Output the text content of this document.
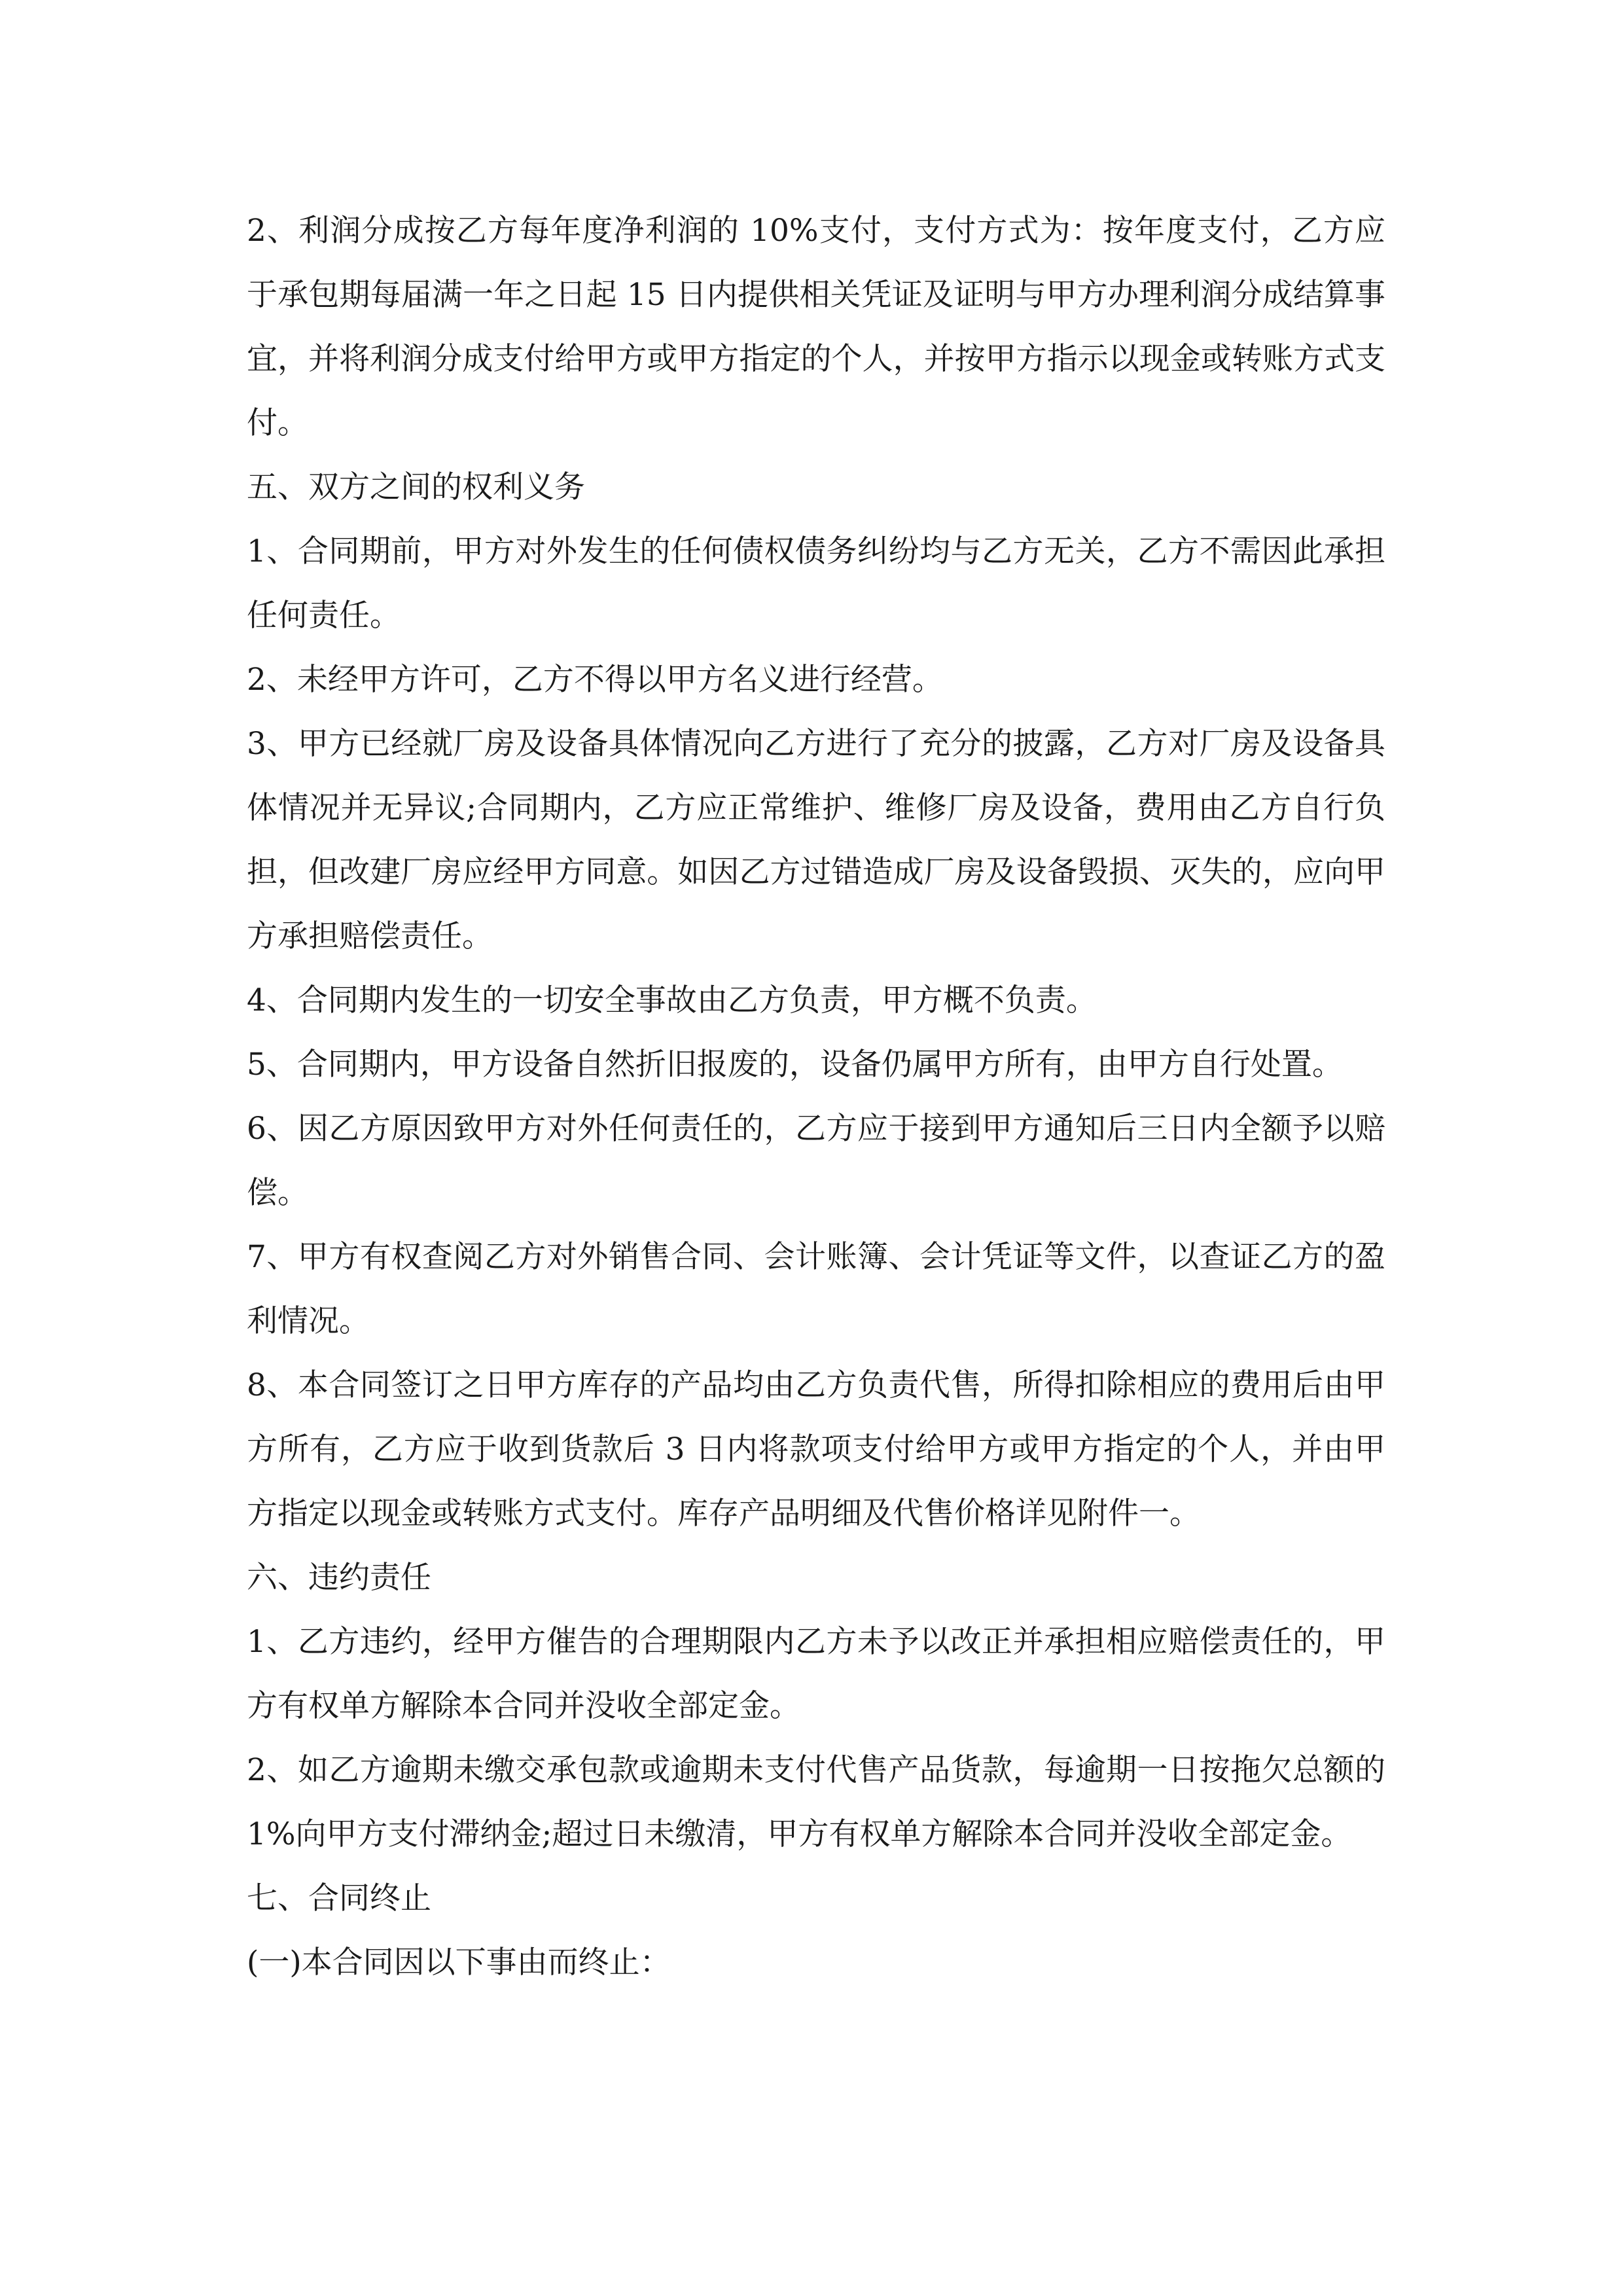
2、利润分成按乙方每年度净利润的 10%支付，支付方式为：按年度支付，乙方应于承包期每届满一年之日起 15 日内提供相关凭证及证明与甲方办理利润分成结算事宜，并将利润分成支付给甲方或甲方指定的个人，并按甲方指示以现金或转账方式支付。

五、双方之间的权利义务

1、合同期前，甲方对外发生的任何债权债务纠纷均与乙方无关，乙方不需因此承担任何责任。

2、未经甲方许可，乙方不得以甲方名义进行经营。

3、甲方已经就厂房及设备具体情况向乙方进行了充分的披露，乙方对厂房及设备具体情况并无异议;合同期内，乙方应正常维护、维修厂房及设备，费用由乙方自行负担，但改建厂房应经甲方同意。如因乙方过错造成厂房及设备毁损、灭失的，应向甲方承担赔偿责任。

4、合同期内发生的一切安全事故由乙方负责，甲方概不负责。

5、合同期内，甲方设备自然折旧报废的，设备仍属甲方所有，由甲方自行处置。

6、因乙方原因致甲方对外任何责任的，乙方应于接到甲方通知后三日内全额予以赔偿。

7、甲方有权查阅乙方对外销售合同、会计账簿、会计凭证等文件，以查证乙方的盈利情况。

8、本合同签订之日甲方库存的产品均由乙方负责代售，所得扣除相应的费用后由甲方所有，乙方应于收到货款后 3 日内将款项支付给甲方或甲方指定的个人，并由甲方指定以现金或转账方式支付。库存产品明细及代售价格详见附件一。

六、违约责任

1、乙方违约，经甲方催告的合理期限内乙方未予以改正并承担相应赔偿责任的，甲方有权单方解除本合同并没收全部定金。

2、如乙方逾期未缴交承包款或逾期未支付代售产品货款，每逾期一日按拖欠总额的 1%向甲方支付滞纳金;超过日未缴清，甲方有权单方解除本合同并没收全部定金。

七、合同终止

(一)本合同因以下事由而终止：
